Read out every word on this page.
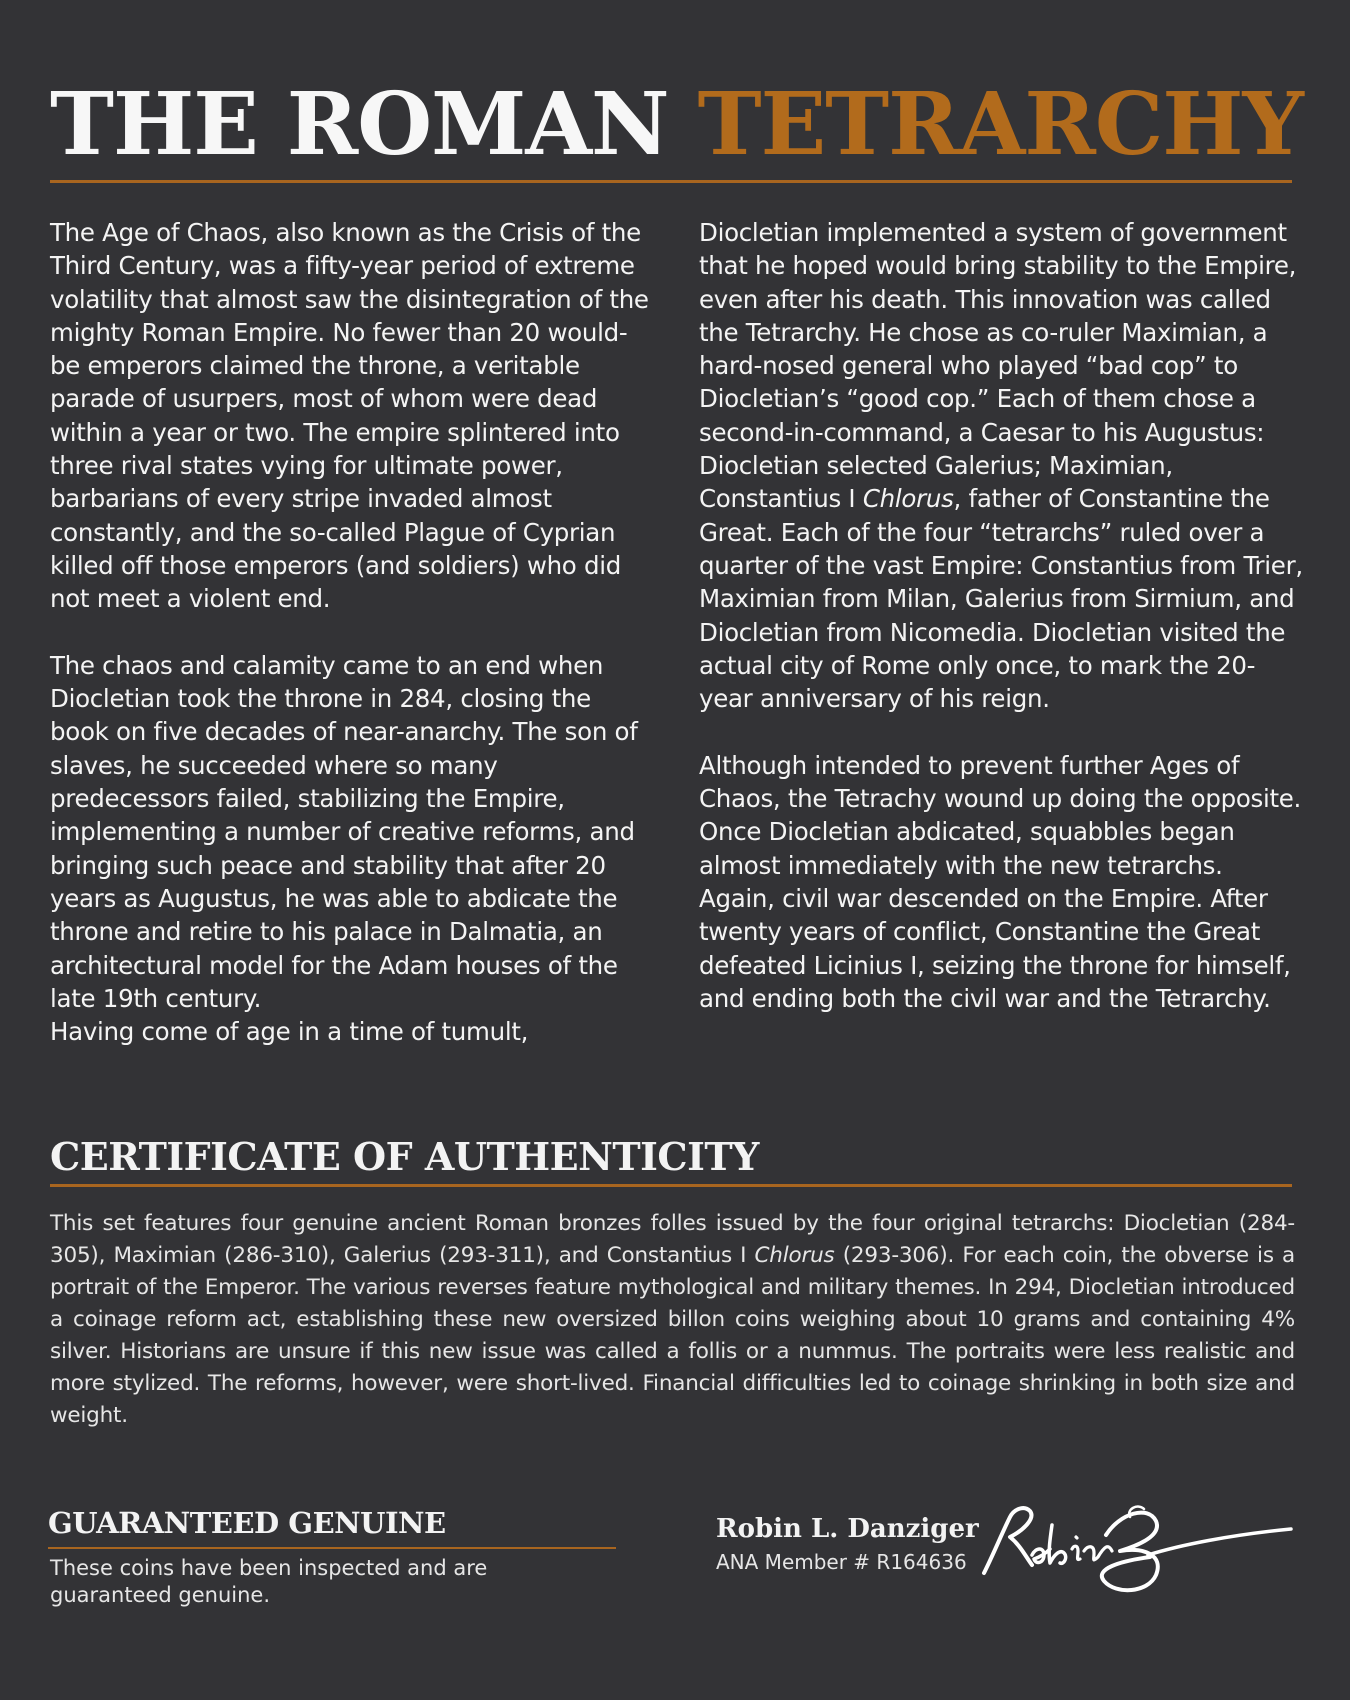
THE ROMAN TETRARCHY

The Age of Chaos, also known as the Crisis of the Third Century, was a fifty-year period of extreme volatility that almost saw the disintegration of the mighty Roman Empire. No fewer than 20 would-be emperors claimed the throne, a veritable parade of usurpers, most of whom were dead within a year or two. The empire splintered into three rival states vying for ultimate power, barbarians of every stripe invaded almost constantly, and the so-called Plague of Cyprian killed off those emperors (and soldiers) who did not meet a violent end.

The chaos and calamity came to an end when Diocletian took the throne in 284, closing the book on five decades of near-anarchy. The son of slaves, he succeeded where so many predecessors failed, stabilizing the Empire, implementing a number of creative reforms, and bringing such peace and stability that after 20 years as Augustus, he was able to abdicate the throne and retire to his palace in Dalmatia, an architectural model for the Adam houses of the late 19th century.

Having come of age in a time of tumult,

Diocletian implemented a system of government that he hoped would bring stability to the Empire, even after his death. This innovation was called the Tetrarchy. He chose as co-ruler Maximian, a hard-nosed general who played “bad cop” to Diocletian’s “good cop.” Each of them chose a second-in-command, a Caesar to his Augustus: Diocletian selected Galerius; Maximian, Constantius I Chlorus, father of Constantine the Great. Each of the four “tetrarchs” ruled over a quarter of the vast Empire: Constantius from Trier, Maximian from Milan, Galerius from Sirmium, and Diocletian from Nicomedia. Diocletian visited the actual city of Rome only once, to mark the 20-year anniversary of his reign.

Although intended to prevent further Ages of Chaos, the Tetrachy wound up doing the opposite. Once Diocletian abdicated, squabbles began almost immediately with the new tetrarchs. Again, civil war descended on the Empire. After twenty years of conflict, Constantine the Great defeated Licinius I, seizing the throne for himself, and ending both the civil war and the Tetrarchy.

CERTIFICATE OF AUTHENTICITY

This set features four genuine ancient Roman bronzes folles issued by the four original tetrarchs: Diocletian (284-305), Maximian (286-310), Galerius (293-311), and Constantius I Chlorus (293-306). For each coin, the obverse is a portrait of the Emperor. The various reverses feature mythological and military themes. In 294, Diocletian introduced a coinage reform act, establishing these new oversized billon coins weighing about 10 grams and containing 4% silver. Historians are unsure if this new issue was called a follis or a nummus. The portraits were less realistic and more stylized. The reforms, however, were short-lived. Financial difficulties led to coinage shrinking in both size and weight.

GUARANTEED GENUINE

These coins have been inspected and are guaranteed genuine.

Robin L. Danziger

ANA Member # R164636
